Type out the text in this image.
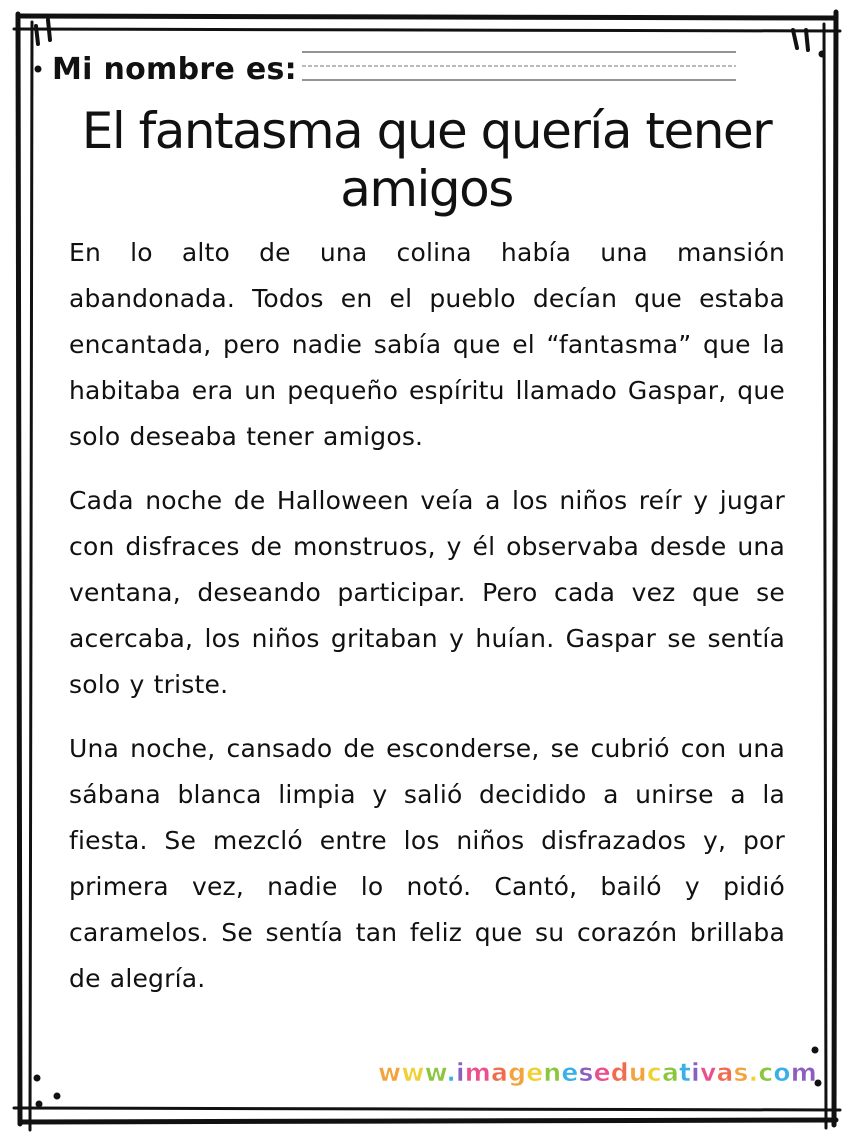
Mi nombre es:
El fantasma que quería tener
amigos

En lo alto de una colina había una mansión abandonada. Todos en el pueblo decían que estaba encantada, pero nadie sabía que el “fantasma” que la habitaba era un pequeño espíritu llamado Gaspar, que solo deseaba tener amigos.

Cada noche de Halloween veía a los niños reír y jugar con disfraces de monstruos, y él observaba desde una ventana, deseando participar. Pero cada vez que se acercaba, los niños gritaban y huían. Gaspar se sentía solo y triste.

Una noche, cansado de esconderse, se cubrió con una sábana blanca limpia y salió decidido a unirse a la fiesta. Se mezcló entre los niños disfrazados y, por primera vez, nadie lo notó. Cantó, bailó y pidió caramelos. Se sentía tan feliz que su corazón brillaba de alegría.

www.imageneseducativas.com
